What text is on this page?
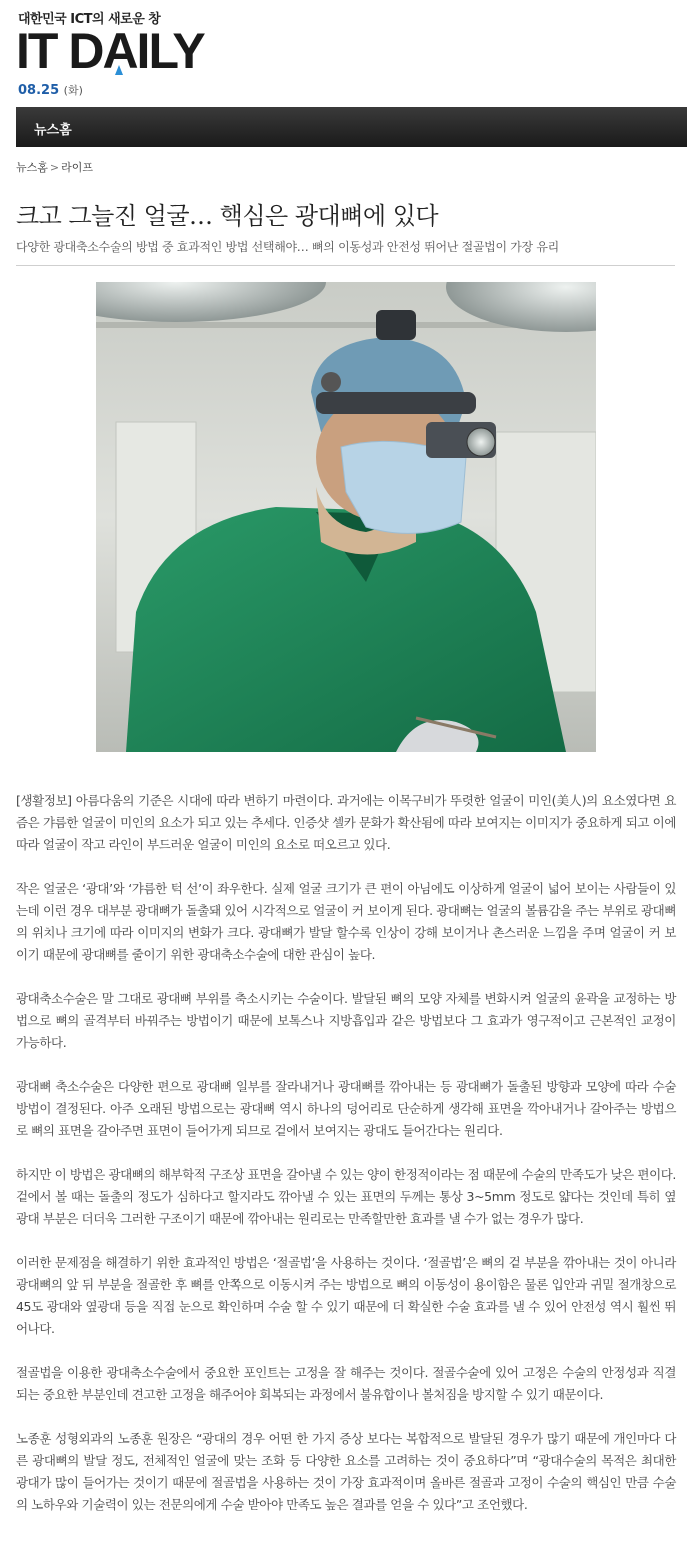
대한민국 ICT의 새로운 창
IT DAILY
08.25 (화)
뉴스홈
뉴스홈 > 라이프
크고 그늘진 얼굴… 핵심은 광대뼈에 있다
다양한 광대축소수술의 방법 중 효과적인 방법 선택해야… 뼈의 이동성과 안전성 뛰어난 절골법이 가장 유리

[생활정보] 아름다움의 기준은 시대에 따라 변하기 마련이다. 과거에는 이목구비가 뚜렷한 얼굴이 미인(美人)의 요소였다면 요즘은 갸름한 얼굴이 미인의 요소가 되고 있는 추세다. 인증샷 셀카 문화가 확산됨에 따라 보여지는 이미지가 중요하게 되고 이에 따라 얼굴이 작고 라인이 부드러운 얼굴이 미인의 요소로 떠오르고 있다.

작은 얼굴은 ‘광대’와 ‘갸름한 턱 선’이 좌우한다. 실제 얼굴 크기가 큰 편이 아님에도 이상하게 얼굴이 넓어 보이는 사람들이 있는데 이런 경우 대부분 광대뼈가 돌출돼 있어 시각적으로 얼굴이 커 보이게 된다. 광대뼈는 얼굴의 볼륨감을 주는 부위로 광대뼈의 위치나 크기에 따라 이미지의 변화가 크다. 광대뼈가 발달 할수록 인상이 강해 보이거나 촌스러운 느낌을 주며 얼굴이 커 보이기 때문에 광대뼈를 줄이기 위한 광대축소수술에 대한 관심이 높다.

광대축소수술은 말 그대로 광대뼈 부위를 축소시키는 수술이다. 발달된 뼈의 모양 자체를 변화시켜 얼굴의 윤곽을 교정하는 방법으로 뼈의 골격부터 바꿔주는 방법이기 때문에 보톡스나 지방흡입과 같은 방법보다 그 효과가 영구적이고 근본적인 교정이 가능하다.

광대뼈 축소수술은 다양한 편으로 광대뼈 일부를 잘라내거나 광대뼈를 깎아내는 등 광대뼈가 돌출된 방향과 모양에 따라 수술 방법이 결정된다. 아주 오래된 방법으로는 광대뼈 역시 하나의 덩어리로 단순하게 생각해 표면을 깍아내거나 갈아주는 방법으로 뼈의 표면을 갈아주면 표면이 들어가게 되므로 겉에서 보여지는 광대도 들어간다는 원리다.

하지만 이 방법은 광대뼈의 해부학적 구조상 표면을 갈아낼 수 있는 양이 한정적이라는 점 때문에 수술의 만족도가 낮은 편이다. 겉에서 볼 때는 돌출의 정도가 심하다고 할지라도 깎아낼 수 있는 표면의 두께는 통상 3~5mm 정도로 얇다는 것인데 특히 옆광대 부분은 더더욱 그러한 구조이기 때문에 깎아내는 원리로는 만족할만한 효과를 낼 수가 없는 경우가 많다.

이러한 문제점을 해결하기 위한 효과적인 방법은 ‘절골법’을 사용하는 것이다. ‘절골법’은 뼈의 겉 부분을 깎아내는 것이 아니라 광대뼈의 앞 뒤 부분을 절골한 후 뼈를 안쪽으로 이동시켜 주는 방법으로 뼈의 이동성이 용이함은 물론 입안과 귀밑 절개창으로 45도 광대와 옆광대 등을 직접 눈으로 확인하며 수술 할 수 있기 때문에 더 확실한 수술 효과를 낼 수 있어 안전성 역시 훨씬 뛰어나다.

절골법을 이용한 광대축소수술에서 중요한 포인트는 고정을 잘 해주는 것이다. 절골수술에 있어 고정은 수술의 안정성과 직결되는 중요한 부분인데 견고한 고정을 해주어야 회복되는 과정에서 불유합이나 볼처짐을 방지할 수 있기 때문이다.

노종훈 성형외과의 노종훈 원장은 “광대의 경우 어떤 한 가지 증상 보다는 복합적으로 발달된 경우가 많기 때문에 개인마다 다른 광대뼈의 발달 정도, 전체적인 얼굴에 맞는 조화 등 다양한 요소를 고려하는 것이 중요하다”며 “광대수술의 목적은 최대한 광대가 많이 들어가는 것이기 때문에 절골법을 사용하는 것이 가장 효과적이며 올바른 절골과 고정이 수술의 핵심인 만큼 수술의 노하우와 기술력이 있는 전문의에게 수술 받아야 만족도 높은 결과를 얻을 수 있다”고 조언했다.
